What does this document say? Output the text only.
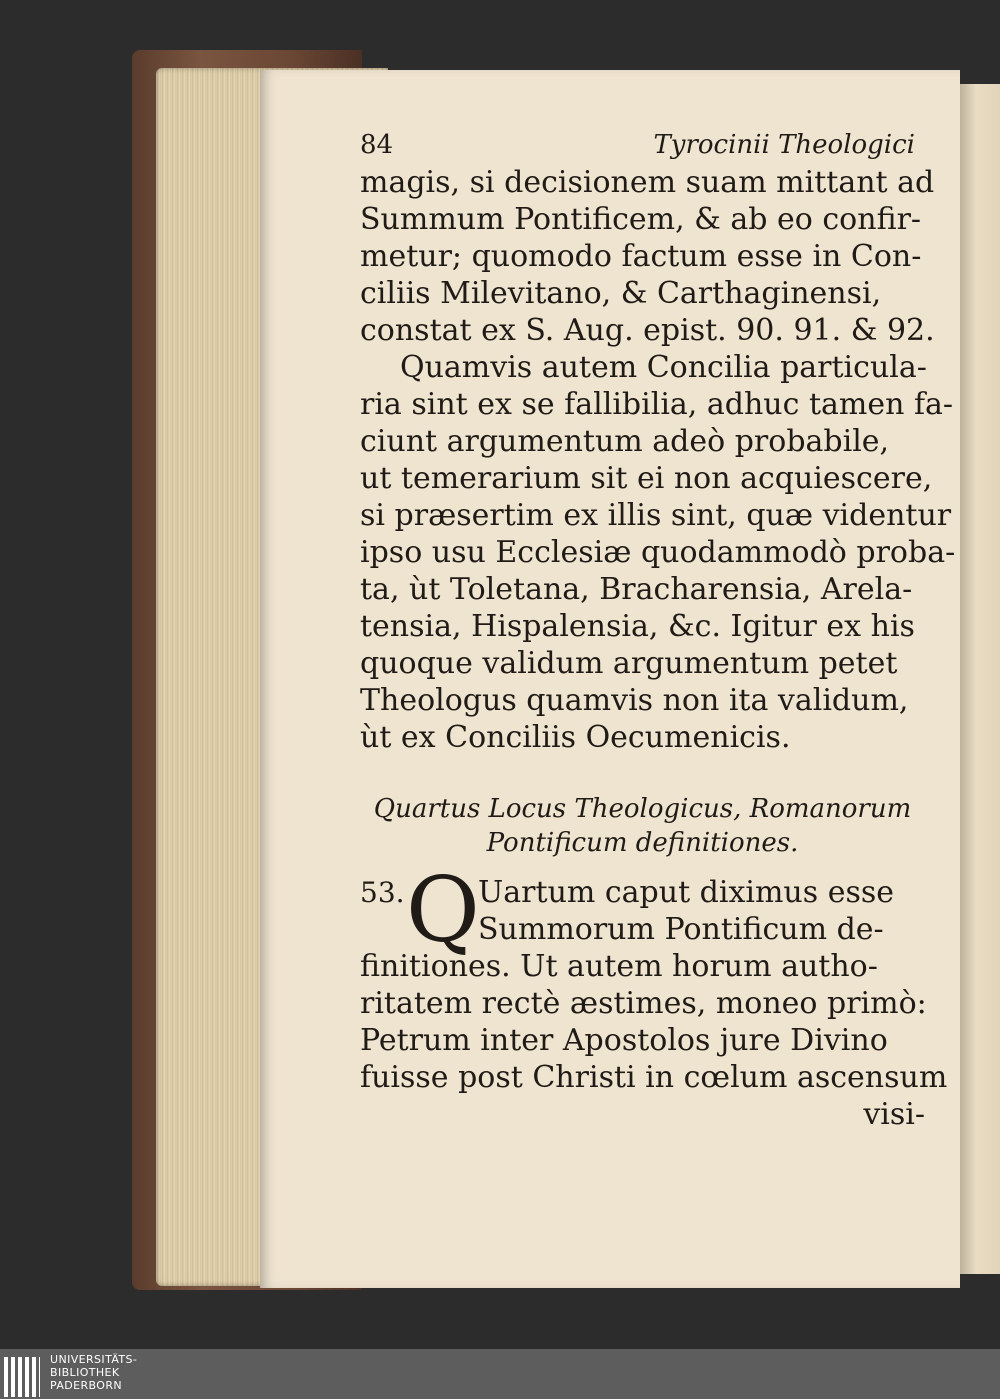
84	Tyrocinii Theologici
magis, si decisionem suam mittant ad
Summum Pontificem, & ab eo confir-
metur; quomodo factum esse in Con-
ciliis Milevitano, & Carthaginensi,
constat ex S. Aug. epist. 90. 91. & 92.
Quamvis autem Concilia particula-
ria sint ex se fallibilia, adhuc tamen fa-
ciunt argumentum adeò probabile,
ut temerarium sit ei non acquiescere,
si præsertim ex illis sint, quæ videntur
ipso usu Ecclesiæ quodammodò proba-
ta, ùt Toletana, Bracharensia, Arela-
tensia, Hispalensia, &c. Igitur ex his
quoque validum argumentum petet
Theologus quamvis non ita validum,
ùt ex Conciliis Oecumenicis.
Quartus Locus Theologicus, Romanorum
Pontificum definitiones.
53. Q
Uartum caput diximus esse
Summorum Pontificum de-
finitiones. Ut autem horum autho-
ritatem rectè æstimes, moneo primò:
Petrum inter Apostolos jure Divino
fuisse post Christi in cœlum ascensum
visi-
UNIVERSITÄTS-
BIBLIOTHEK
PADERBORN
